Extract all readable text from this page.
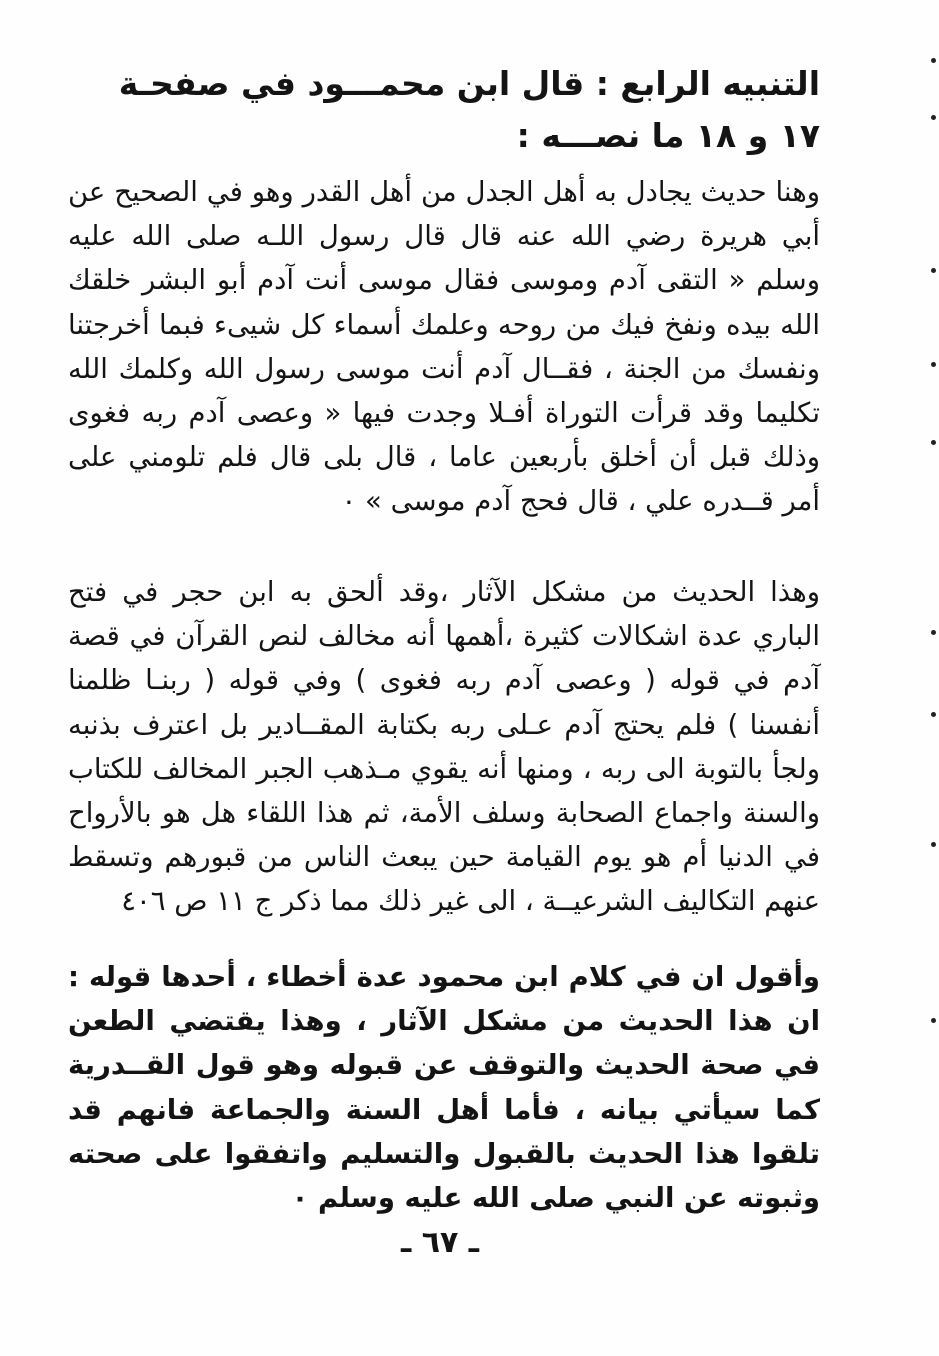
التنبيه الرابع : قال ابن محمـــود في صفحـة ١٧ و ١٨ ما نصـــه :

وهنا حديث يجادل به أهل الجدل من أهل القدر وهو في الصحيح عن أبي هريرة رضي الله عنه قال قال رسول اللـه صلى الله عليه وسلم « التقى آدم وموسى فقال موسى أنت آدم أبو البشر خلقك الله بيده ونفخ فيك من روحه وعلمك أسماء كل شيىء فبما أخرجتنا ونفسك من الجنة ، فقــال آدم أنت موسى رسول الله وكلمك الله تكليما وقد قرأت التوراة أفـلا وجدت فيها « وعصى آدم ربه فغوى وذلك قبل أن أخلق بأربعين عاما ، قال بلى قال فلم تلومني على أمر قــدره علي ، قال فحج آدم موسى » ٠

وهذا الحديث من مشكل الآثار ،وقد ألحق به ابن حجر في فتح الباري عدة اشكالات كثيرة ،أهمها أنه مخالف لنص القرآن في قصة آدم في قوله ( وعصى آدم ربه فغوى ) وفي قوله ( ربنـا ظلمنا أنفسنا ) فلم يحتج آدم عـلى ربه بكتابة المقــادير بل اعترف بذنبه ولجأ بالتوبة الى ربه ، ومنها أنه يقوي مـذهب الجبر المخالف للكتاب والسنة واجماع الصحابة وسلف الأمة، ثم هذا اللقاء هل هو بالأرواح في الدنيا أم هو يوم القيامة حين يبعث الناس من قبورهم وتسقط عنهم التكاليف الشرعيــة ، الى غير ذلك مما ذكر ج ١١ ص ٤٠٦

وأقول ان في كلام ابن محمود عدة أخطاء ، أحدها قوله : ان هذا الحديث من مشكل الآثار ، وهذا يقتضي الطعن في صحة الحديث والتوقف عن قبوله وهو قول القــدرية كما سيأتي بيانه ، فأما أهل السنة والجماعة فانهم قد تلقوا هذا الحديث بالقبول والتسليم واتفقوا على صحته وثبوته عن النبي صلى الله عليه وسلم ٠

ـ ٦٧ ـ
